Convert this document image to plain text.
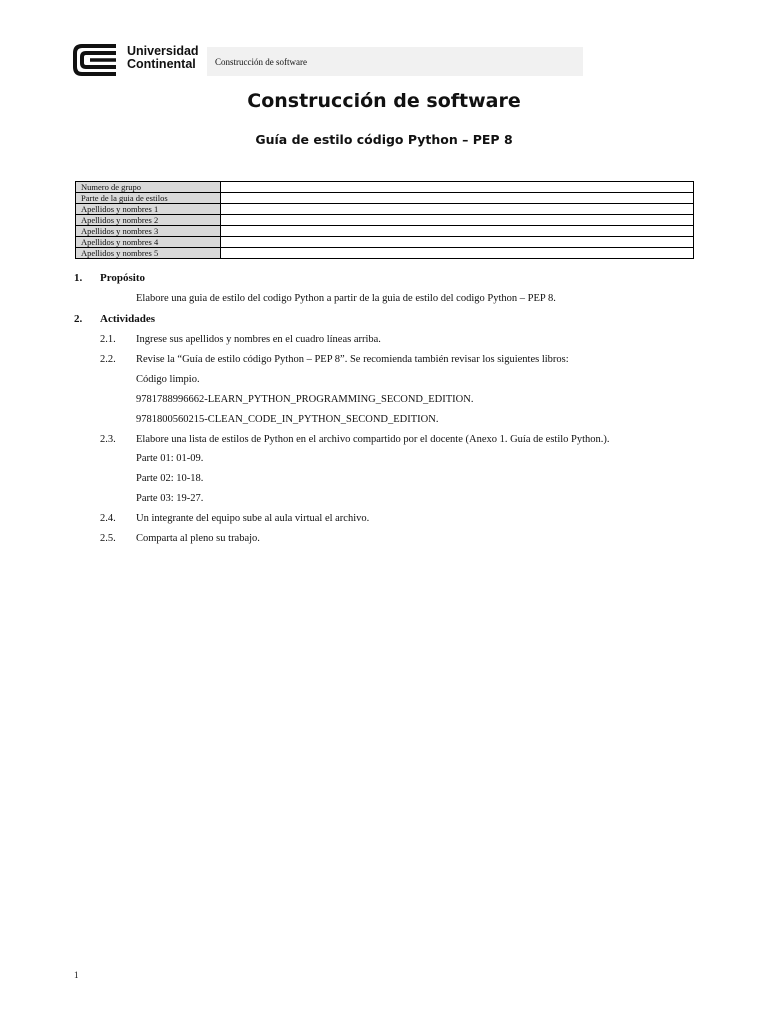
Universidad
Continental	Construcción de software
Construcción de software
Guía de estilo código Python – PEP 8
Numero de grupo	
Parte de la guia de estilos	
Apellidos y nombres 1	
Apellidos y nombres 2	
Apellidos y nombres 3	
Apellidos y nombres 4	
Apellidos y nombres 5	
1. Propósito
Elabore una guia de estilo del codigo Python a partir de la guia de estilo del codigo Python – PEP 8.
2. Actividades
2.1. Ingrese sus apellidos y nombres en el cuadro líneas arriba.
2.2. Revise la “Guía de estilo código Python – PEP 8”. Se recomienda también revisar los siguientes libros:
Código limpio.
9781788996662-LEARN_PYTHON_PROGRAMMING_SECOND_EDITION.
9781800560215-CLEAN_CODE_IN_PYTHON_SECOND_EDITION.
2.3. Elabore una lista de estilos de Python en el archivo compartido por el docente (Anexo 1. Guía de estilo Python.).
Parte 01: 01-09.
Parte 02: 10-18.
Parte 03: 19-27.
2.4. Un integrante del equipo sube al aula virtual el archivo.
2.5. Comparta al pleno su trabajo.
1
